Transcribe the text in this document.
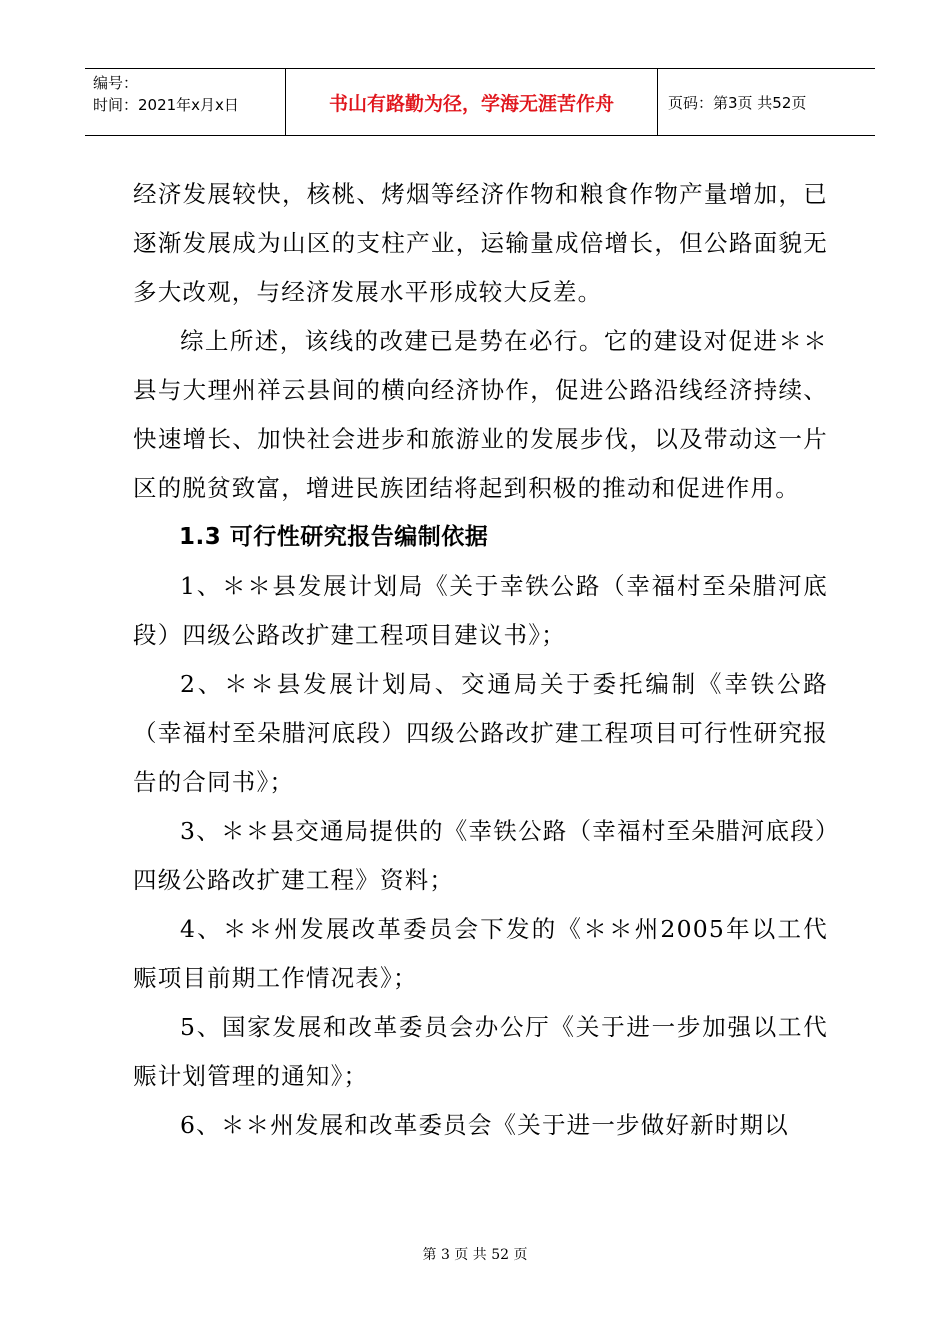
编号：
时间：2021年x月x日	书山有路勤为径，学海无涯苦作舟	页码：第3页 共52页

经济发展较快，核桃、烤烟等经济作物和粮食作物产量增加，已逐渐发展成为山区的支柱产业，运输量成倍增长，但公路面貌无多大改观，与经济发展水平形成较大反差。

综上所述，该线的改建已是势在必行。它的建设对促进＊＊县与大理州祥云县间的横向经济协作，促进公路沿线经济持续、快速增长、加快社会进步和旅游业的发展步伐，以及带动这一片区的脱贫致富，增进民族团结将起到积极的推动和促进作用。

1.3 可行性研究报告编制依据

1、＊＊县发展计划局《关于幸铁公路（幸福村至朵腊河底段）四级公路改扩建工程项目建议书》；

2、＊＊县发展计划局、交通局关于委托编制《幸铁公路（幸福村至朵腊河底段）四级公路改扩建工程项目可行性研究报告的合同书》；

3、＊＊县交通局提供的《幸铁公路（幸福村至朵腊河底段）四级公路改扩建工程》资料；

4、＊＊州发展改革委员会下发的《＊＊州2005年以工代赈项目前期工作情况表》；

5、国家发展和改革委员会办公厅《关于进一步加强以工代赈计划管理的通知》；

6、＊＊州发展和改革委员会《关于进一步做好新时期以

第 3 页 共 52 页
